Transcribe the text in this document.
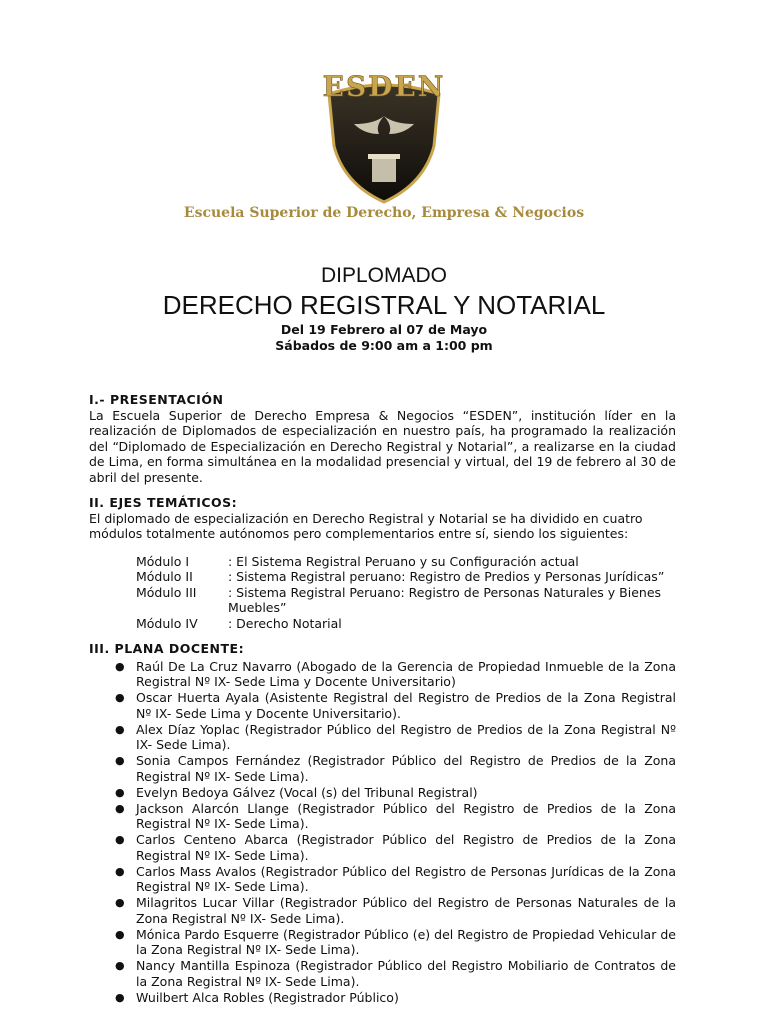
ESDEN
Escuela Superior de Derecho, Empresa & Negocios
DIPLOMADO
DERECHO REGISTRAL Y NOTARIAL
Del 19 Febrero al 07 de Mayo
Sábados de 9:00 am a 1:00 pm
I.- PRESENTACIÓN
La Escuela Superior de Derecho Empresa & Negocios “ESDEN”, institución líder en la realización de Diplomados de especialización en nuestro país, ha programado la realización del “Diplomado de Especialización en Derecho Registral y Notarial”, a realizarse en la ciudad de Lima, en forma simultánea en la modalidad presencial y virtual, del 19 de febrero al 30 de abril del presente.
II. EJES TEMÁTICOS:
El diplomado de especialización en Derecho Registral y Notarial se ha dividido en cuatro módulos totalmente autónomos pero complementarios entre sí, siendo los siguientes:
Módulo I	: El Sistema Registral Peruano y su Configuración actual
Módulo II	: Sistema Registral peruano: Registro de Predios y Personas Jurídicas”
Módulo III	: Sistema Registral Peruano: Registro de Personas Naturales y Bienes Muebles”
Módulo IV	: Derecho Notarial
III. PLANA DOCENTE:
● Raúl De La Cruz Navarro (Abogado de la Gerencia de Propiedad Inmueble de la Zona Registral Nº IX- Sede Lima y Docente Universitario)
● Oscar Huerta Ayala (Asistente Registral del Registro de Predios de la Zona Registral Nº IX- Sede Lima y Docente Universitario).
● Alex Díaz Yoplac (Registrador Público del Registro de Predios de la Zona Registral Nº IX- Sede Lima).
● Sonia Campos Fernández (Registrador Público del Registro de Predios de la Zona Registral Nº IX- Sede Lima).
● Evelyn Bedoya Gálvez (Vocal (s) del Tribunal Registral)
● Jackson Alarcón Llange (Registrador Público del Registro de Predios de la Zona Registral Nº IX- Sede Lima).
● Carlos Centeno Abarca (Registrador Público del Registro de Predios de la Zona Registral Nº IX- Sede Lima).
● Carlos Mass Avalos (Registrador Público del Registro de Personas Jurídicas de la Zona Registral Nº IX- Sede Lima).
● Milagritos Lucar Villar (Registrador Público del Registro de Personas Naturales de la Zona Registral Nº IX- Sede Lima).
● Mónica Pardo Esquerre (Registrador Público (e) del Registro de Propiedad Vehicular de la Zona Registral Nº IX- Sede Lima).
● Nancy Mantilla Espinoza (Registrador Público del Registro Mobiliario de Contratos de la Zona Registral Nº IX- Sede Lima).
● Wuilbert Alca Robles (Registrador Público)
